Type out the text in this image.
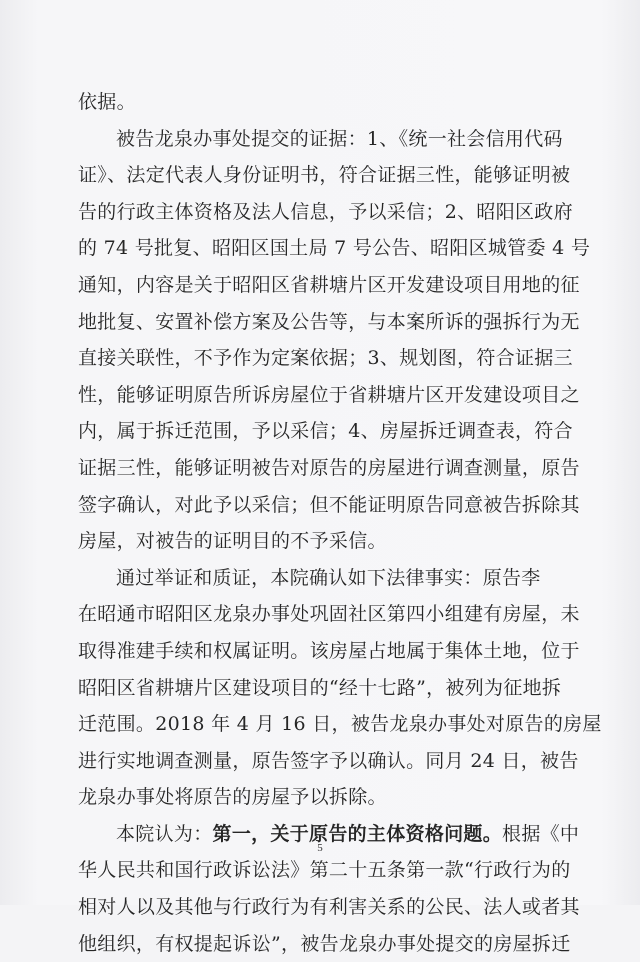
依据。
被告龙泉办事处提交的证据：1、《统一社会信用代码
证》、法定代表人身份证明书，符合证据三性，能够证明被
告的行政主体资格及法人信息，予以采信；2、昭阳区政府
的 74 号批复、昭阳区国土局 7 号公告、昭阳区城管委 4 号
通知，内容是关于昭阳区省耕塘片区开发建设项目用地的征
地批复、安置补偿方案及公告等，与本案所诉的强拆行为无
直接关联性，不予作为定案依据；3、规划图，符合证据三
性，能够证明原告所诉房屋位于省耕塘片区开发建设项目之
内，属于拆迁范围，予以采信；4、房屋拆迁调查表，符合
证据三性，能够证明被告对原告的房屋进行调查测量，原告
签字确认，对此予以采信；但不能证明原告同意被告拆除其
房屋，对被告的证明目的不予采信。
通过举证和质证，本院确认如下法律事实：原告李
在昭通市昭阳区龙泉办事处巩固社区第四小组建有房屋，未
取得准建手续和权属证明。该房屋占地属于集体土地，位于
昭阳区省耕塘片区建设项目的“经十七路”，被列为征地拆
迁范围。2018 年 4 月 16 日，被告龙泉办事处对原告的房屋
进行实地调查测量，原告签字予以确认。同月 24 日，被告
龙泉办事处将原告的房屋予以拆除。
本院认为：第一，关于原告的主体资格问题。根据《中
华人民共和国行政诉讼法》第二十五条第一款“行政行为的
相对人以及其他与行政行为有利害关系的公民、法人或者其
他组织，有权提起诉讼”，被告龙泉办事处提交的房屋拆迁
5
